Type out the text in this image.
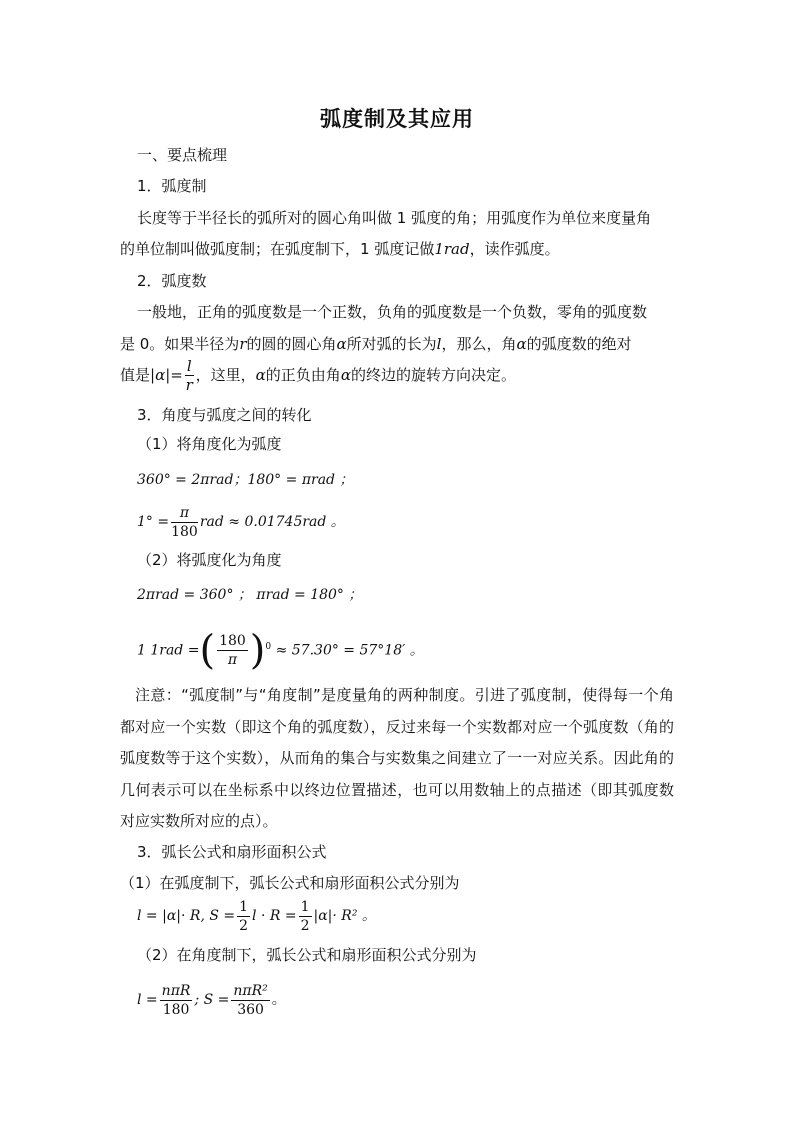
弧度制及其应用
一、要点梳理
1．弧度制
长度等于半径长的弧所对的圆心角叫做 1 弧度的角；用弧度作为单位来度量角
的单位制叫做弧度制；在弧度制下，1 弧度记做1rad，读作弧度。
2．弧度数
一般地，正角的弧度数是一个正数，负角的弧度数是一个负数，零角的弧度数
是 0。如果半径为r的圆的圆心角α所对弧的长为l，那么，角α的弧度数的绝对
值是$|\alpha|= \frac{l}{r}$ ，这里，α的正负由角α的终边的旋转方向决定。
3．角度与弧度之间的转化
（1）将角度化为弧度
360° = 2πrad；180° = πrad ；
$1^\circ = \frac{\pi}{180}$ rad ≈ 0.01745rad 。
（2）将弧度化为角度
2πrad = 360° ； πrad = 180° ；
1 1rad =( $\frac{180}{\pi} )^0 \approx 57.30^\circ = 57^\circ 18'$ 。
注意：“弧度制”与“角度制”是度量角的两种制度。引进了弧度制，使得每一个角都对应一个实数（即这个角的弧度数），反过来每一个实数都对应一个弧度数（角的弧度数等于这个实数），从而角的集合与实数集之间建立了一一对应关系。因此角的几何表示可以在坐标系中以终边位置描述，也可以用数轴上的点描述（即其弧度数对应实数所对应的点）。
3．弧长公式和扇形面积公式
（1）在弧度制下，弧长公式和扇形面积公式分别为
l = |α|· R, $S = \frac{1}{2}$ $l \cdot R = \frac{1}{2} |\alpha|\cdot R^2$ 。
（2）在角度制下，弧长公式和扇形面积公式分别为
$l = \frac{\text{nπR}}{180}$ ; $S = \frac{\text{nπR²}}{360}$ 。
